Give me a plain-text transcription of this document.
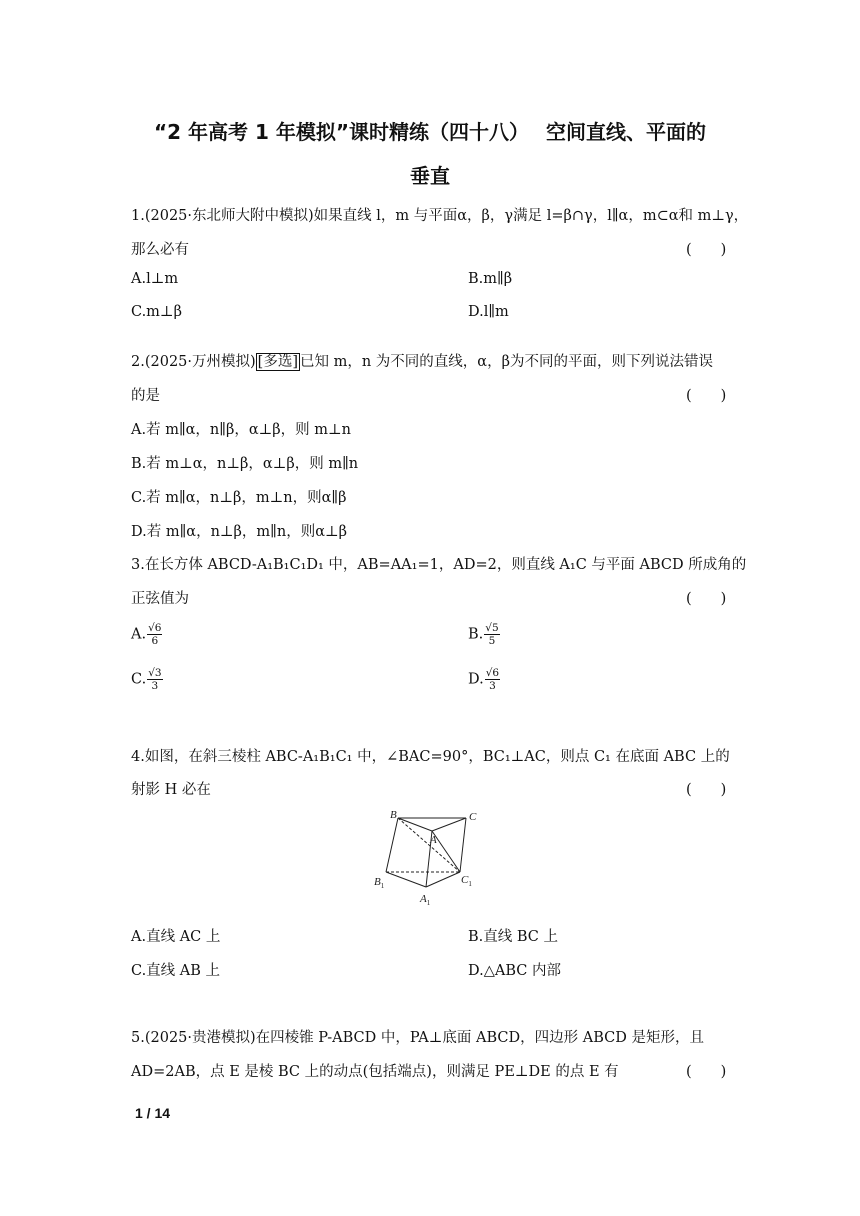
“2 年高考 1 年模拟”课时精练（四十八）　 空间直线、平面的
垂直
1.(2025·东北师大附中模拟)如果直线 l，m 与平面α，β，γ满足 l=β∩γ，l∥α，m⊂α和 m⊥γ，
那么必有	(　　)
A.l⊥m	B.m∥β
C.m⊥β	D.l∥m
2.(2025·万州模拟) [多选] 已知 m，n 为不同的直线，α，β为不同的平面，则下列说法错误
的是	(　　)
A.若 m∥α，n∥β，α⊥β，则 m⊥n
B.若 m⊥α，n⊥β，α⊥β，则 m∥n
C.若 m∥α，n⊥β，m⊥n，则α∥β
D.若 m∥α，n⊥β，m∥n，则α⊥β
3.在长方体 ABCD-A₁B₁C₁D₁ 中，AB=AA₁=1，AD=2，则直线 A₁C 与平面 ABCD 所成角的
正弦值为	(　　)
A. $\frac{√6}{6}$	B. $\frac{√5}{5}$
C. $\frac{√3}{3}$	D. $\frac{√6}{3}$
4.如图，在斜三棱柱 ABC-A₁B₁C₁ 中，∠BAC=90°，BC₁⊥AC，则点 C₁ 在底面 ABC 上的
射影 H 必在	(　　)
B
A
C
$B_1$	$C_1$
$A_1$
A.直线 AC 上	B.直线 BC 上
C.直线 AB 上	D.△ABC 内部
5.(2025·贵港模拟)在四棱锥 P-ABCD 中，PA⊥底面 ABCD，四边形 ABCD 是矩形，且
AD=2AB，点 E 是棱 BC 上的动点(包括端点)，则满足 PE⊥DE 的点 E 有	(　　)
1 / 14
